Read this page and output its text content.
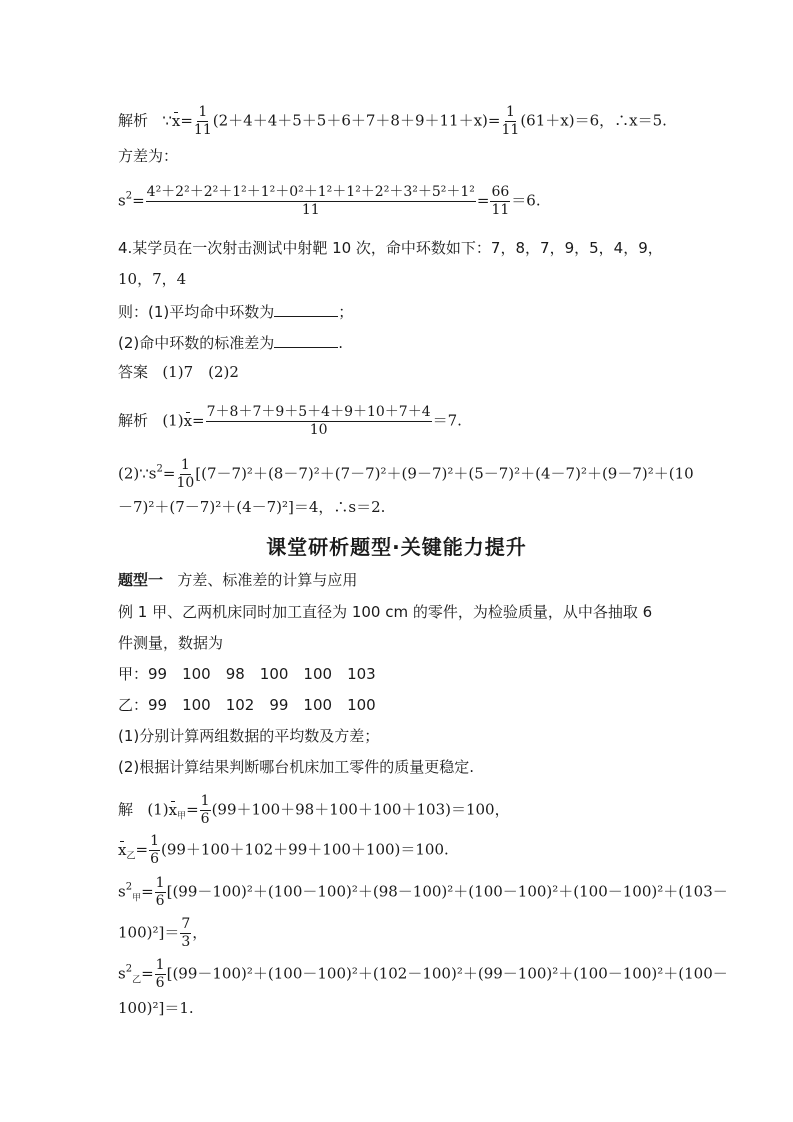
解析 ∵x= $\frac{1}{11} (2+4+4+5+5+6+7+8+9+11+x)= \frac{1}{11} (61+x)=6$，∴x＝5.
方差为：
$s^2= \frac{\text{4²＋2²＋2²＋1²＋1²＋0²＋1²＋1²＋2²＋3²＋5²＋1²}}{11} = \frac{66}{11} =6$.
4.某学员在一次射击测试中射靶 10 次，命中环数如下：7，8，7，9，5，4，9，
10，7，4
则：(1)平均命中环数为	；
(2)命中环数的标准差为	.
答案 (1)7　(2)2
解析 $(1)x= \frac{7+8+7+9+5+4+9+10+7+4}{10} =7$.
$(2)\because s^2= \frac{1}{10} [(7-7)^2+(8-7)^2+(7-7)^2+(9-7)^2+(5-7)^2+(4-7)^2+(9-7)^2+(10$
－7)²＋(7－7)²＋(4－7)²]＝4，∴s＝2.
课堂研析题型·关键能力提升
题型一 方差、标准差的计算与应用
例 1 甲、乙两机床同时加工直径为 100 cm 的零件，为检验质量，从中各抽取 6
件测量，数据为
甲：99　100　98　100　100　103
乙：99　100　102　99　100　100
(1)分别计算两组数据的平均数及方差；
(2)根据计算结果判断哪台机床加工零件的质量更稳定.
解 $(1)x_甲= \frac{1}{6} (99+100+98+100+100+103)=100$，
$x_乙= \frac{1}{6} (99+100+102+99+100+100)=100$.
$s^2_甲= \frac{1}{6} [(99-100)^2+(100-100)^2+(98-100)^2+(100-100)^2+(100-100)^2+(103-$
$100)^2]= \frac{7}{3}$ ，
$s^2_乙= \frac{1}{6} [(99-100)^2+(100-100)^2+(102-100)^2+(99-100)^2+(100-100)^2+(100-$
100)²]＝1.
